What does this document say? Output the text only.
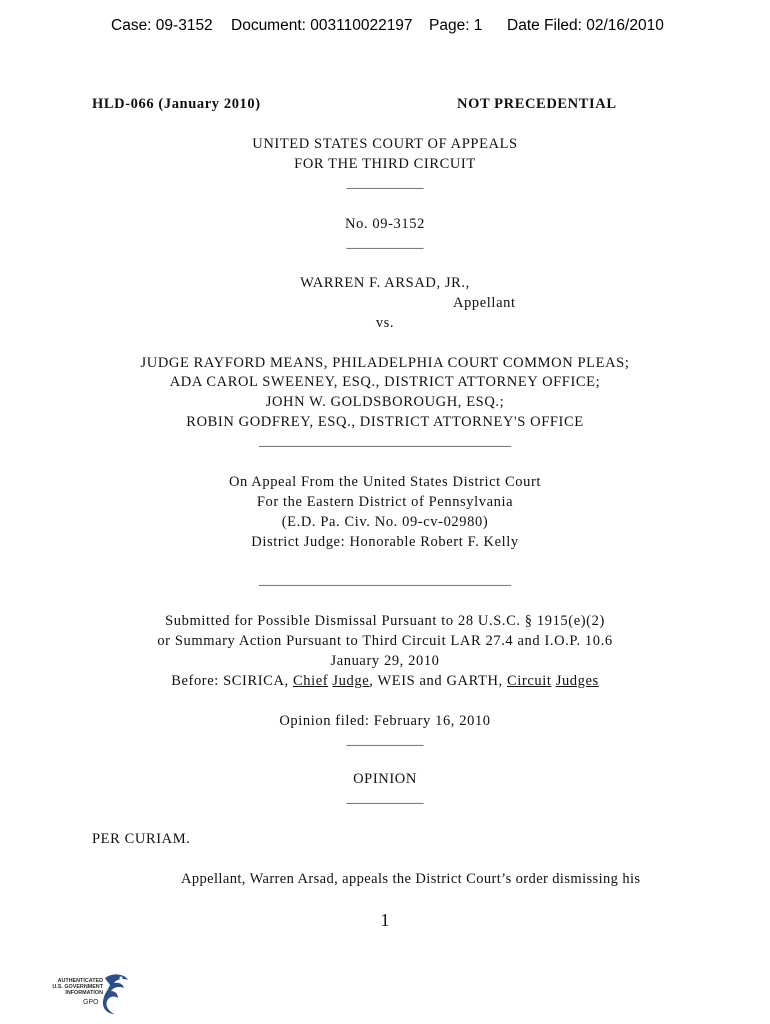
Case: 09-3152 Document: 003110022197 Page: 1 Date Filed: 02/16/2010
HLD-066 (January 2010)	NOT PRECEDENTIAL
UNITED STATES COURT OF APPEALS
FOR THE THIRD CIRCUIT
___________
No. 09-3152
___________
WARREN F. ARSAD, JR.,
Appellant
vs.
JUDGE RAYFORD MEANS, PHILADELPHIA COURT COMMON PLEAS;
ADA CAROL SWEENEY, ESQ., DISTRICT ATTORNEY OFFICE;
JOHN W. GOLDSBOROUGH, ESQ.;
ROBIN GODFREY, ESQ., DISTRICT ATTORNEY'S OFFICE
____________________________________
On Appeal From the United States District Court
For the Eastern District of Pennsylvania
(E.D. Pa. Civ. No. 09-cv-02980)
District Judge: Honorable Robert F. Kelly
____________________________________
Submitted for Possible Dismissal Pursuant to 28 U.S.C. § 1915(e)(2)
or Summary Action Pursuant to Third Circuit LAR 27.4 and I.O.P. 10.6
January 29, 2010
Before: SCIRICA, Chief Judge, WEIS and GARTH, Circuit Judges
Opinion filed: February 16, 2010
___________
OPINION
___________
PER CURIAM.
Appellant, Warren Arsad, appeals the District Court’s order dismissing his
1
AUTHENTICATED
U.S. GOVERNMENT
INFORMATION
GPO
